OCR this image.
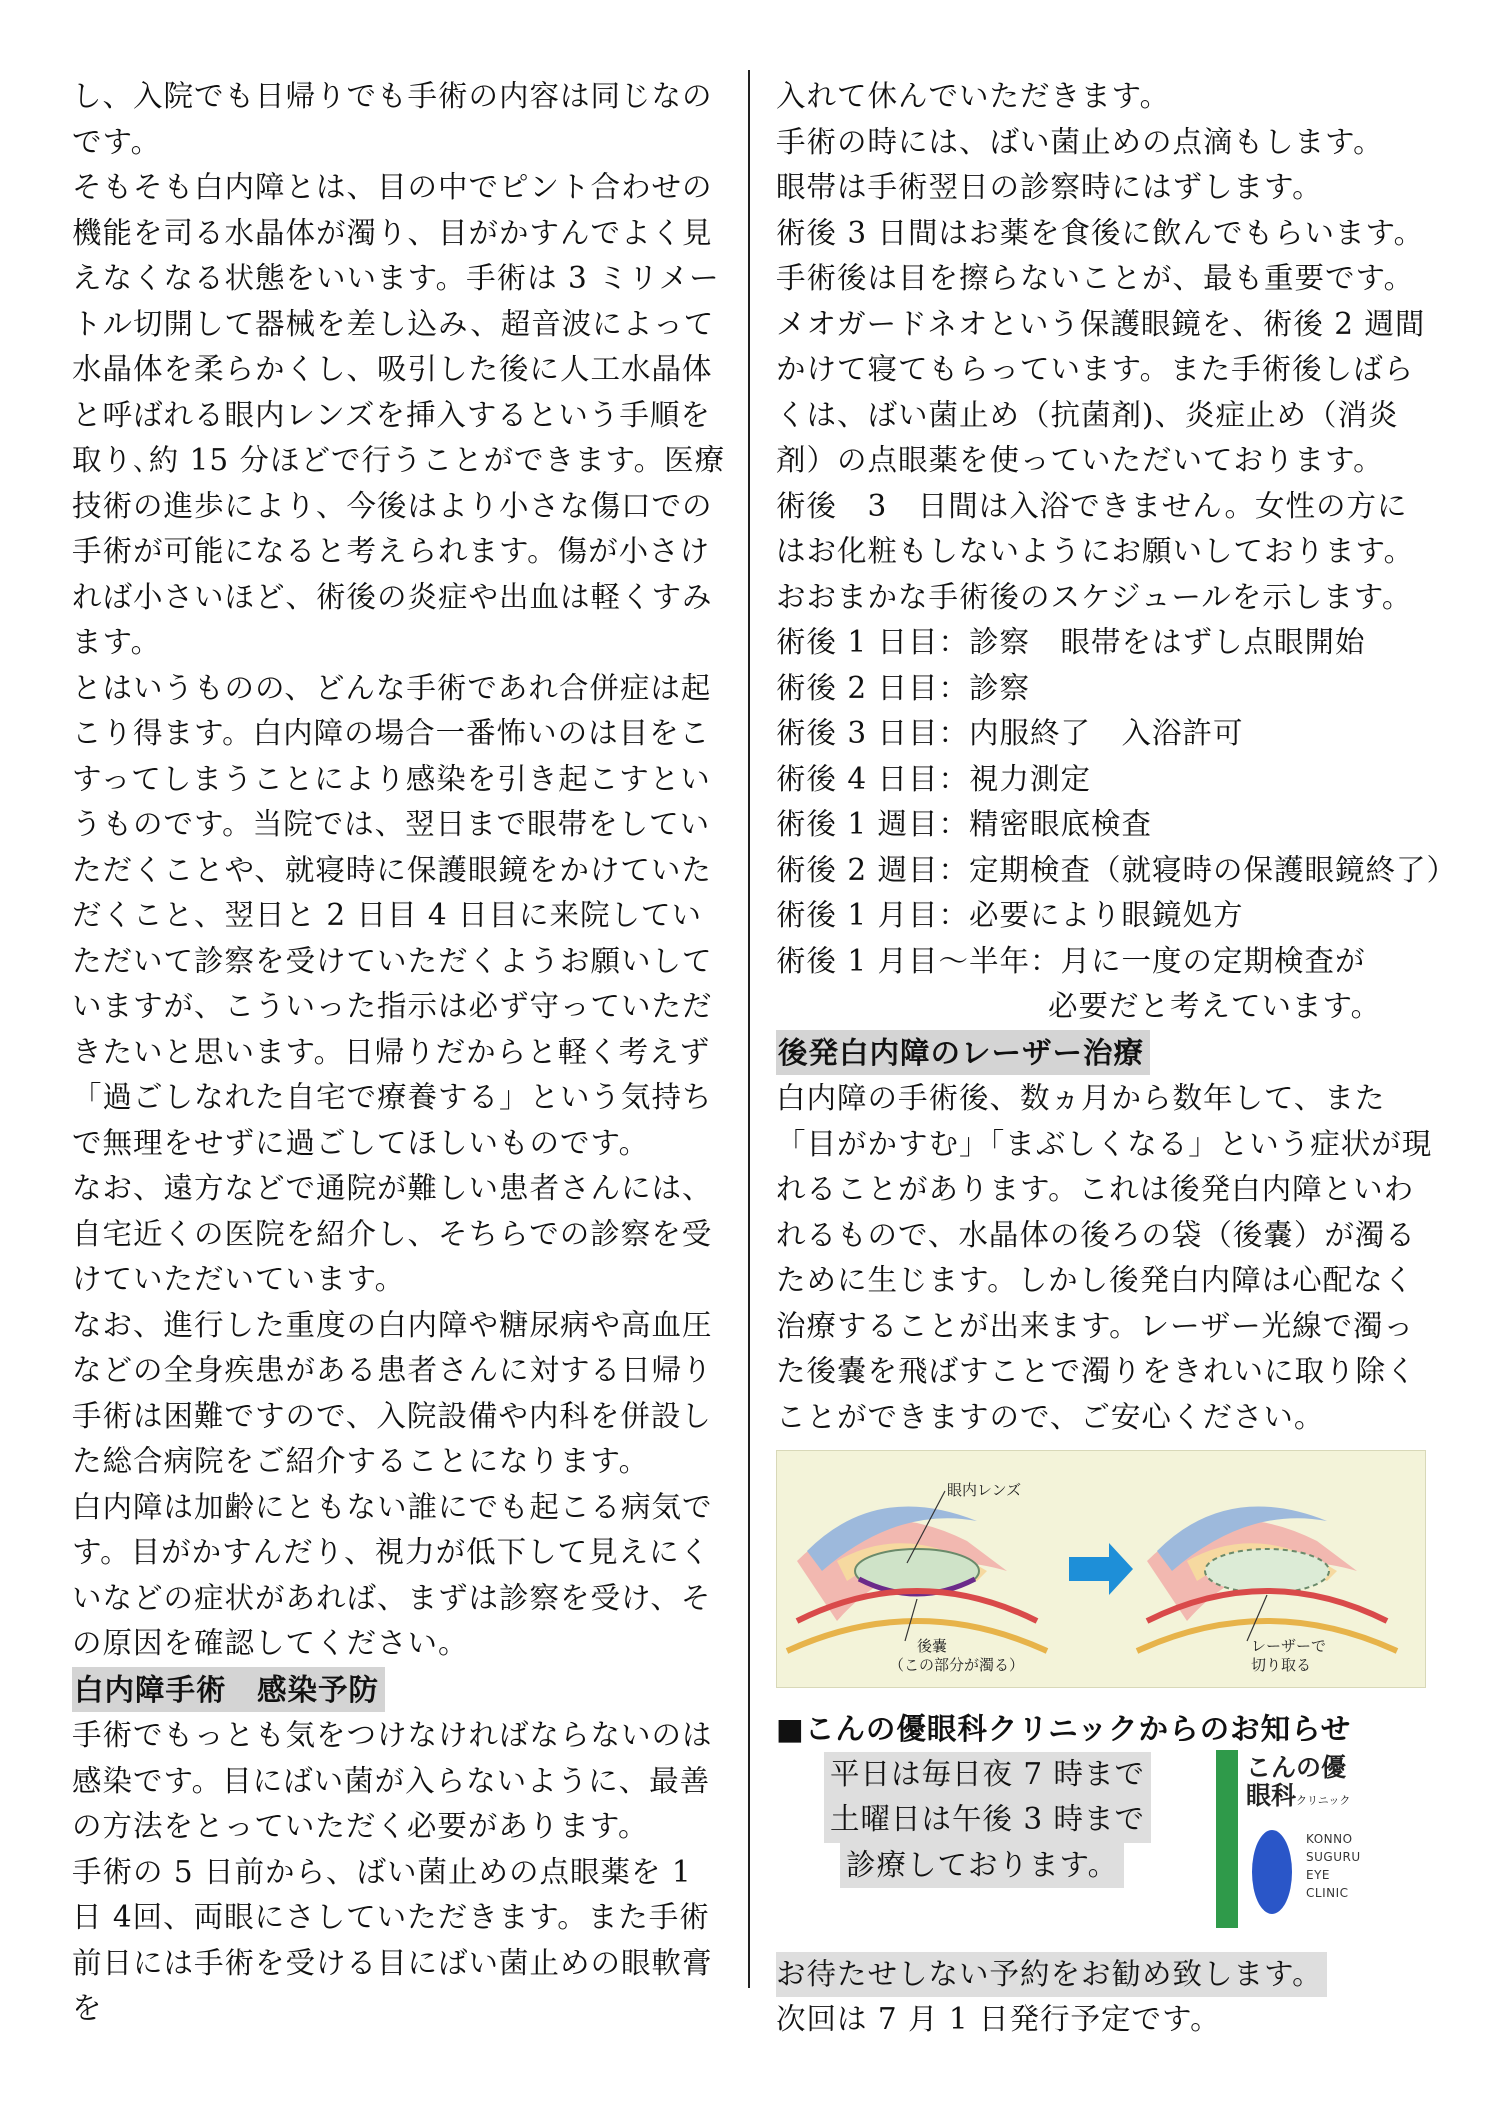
し、入院でも日帰りでも手術の内容は同じなのです。

そもそも白内障とは、目の中でピント合わせの機能を司る水晶体が濁り、目がかすんでよく見えなくなる状態をいいます。手術は 3 ミリメートル切開して器械を差し込み、超音波によって水晶体を柔らかくし、吸引した後に人工水晶体と呼ばれる眼内レンズを挿入するという手順を取り､約 15 分ほどで行うことができます。医療技術の進歩により、今後はより小さな傷口での手術が可能になると考えられます。傷が小さければ小さいほど、術後の炎症や出血は軽くすみます。

とはいうものの、どんな手術であれ合併症は起こり得ます。白内障の場合一番怖いのは目をこすってしまうことにより感染を引き起こすというものです。当院では、翌日まで眼帯をしていただくことや、就寝時に保護眼鏡をかけていただくこと、翌日と 2 日目 4 日目に来院していただいて診察を受けていただくようお願いしていますが、こういった指示は必ず守っていただきたいと思います。日帰りだからと軽く考えず「過ごしなれた自宅で療養する」という気持ちで無理をせずに過ごしてほしいものです。

なお、遠方などで通院が難しい患者さんには、自宅近くの医院を紹介し、そちらでの診察を受けていただいています。

なお、進行した重度の白内障や糖尿病や高血圧などの全身疾患がある患者さんに対する日帰り手術は困難ですので、入院設備や内科を併設した総合病院をご紹介することになります。

白内障は加齢にともない誰にでも起こる病気です。目がかすんだり、視力が低下して見えにくいなどの症状があれば、まずは診察を受け、その原因を確認してください。

白内障手術　感染予防

手術でもっとも気をつけなければならないのは感染です。目にばい菌が入らないように、最善の方法をとっていただく必要があります。

手術の 5 日前から、ばい菌止めの点眼薬を 1 日 4回、両眼にさしていただきます。また手術前日には手術を受ける目にばい菌止めの眼軟膏を

入れて休んでいただきます。

手術の時には、ばい菌止めの点滴もします。

眼帯は手術翌日の診察時にはずします。

術後 3 日間はお薬を食後に飲んでもらいます。

手術後は目を擦らないことが、最も重要です。

メオガードネオという保護眼鏡を、術後 2 週間かけて寝てもらっています。また手術後しばらくは、ばい菌止め（抗菌剤)、炎症止め（消炎剤）の点眼薬を使っていただいております。

術後　3　日間は入浴できません。女性の方にはお化粧もしないようにお願いしております。

おおまかな手術後のスケジュールを示します。

術後 1 日目：診察　眼帯をはずし点眼開始
術後 2 日目：診察
術後 3 日目：内服終了　入浴許可
術後 4 日目：視力測定
術後 1 週目：精密眼底検査
術後 2 週目：定期検査（就寝時の保護眼鏡終了）
術後 1 月目：必要により眼鏡処方
術後 1 月目～半年：月に一度の定期検査が
必要だと考えています。

後発白内障のレーザー治療

白内障の手術後、数ヵ月から数年して、また「目がかすむ」「まぶしくなる」という症状が現れることがあります。これは後発白内障といわれるもので、水晶体の後ろの袋（後嚢）が濁るために生じます。しかし後発白内障は心配なく治療することが出来ます。レーザー光線で濁った後嚢を飛ばすことで濁りをきれいに取り除くことができますので、ご安心ください。

眼内レンズ
後嚢
（この部分が濁る）
レーザーで
切り取る

■こんの優眼科クリニックからのお知らせ

平日は毎日夜 7 時まで
土曜日は午後 3 時まで
診療しております。
こんの優
眼科クリニック
KONNO
SUGURU
EYE
CLINIC

お待たせしない予約をお勧め致します。

次回は 7 月 1 日発行予定です。
